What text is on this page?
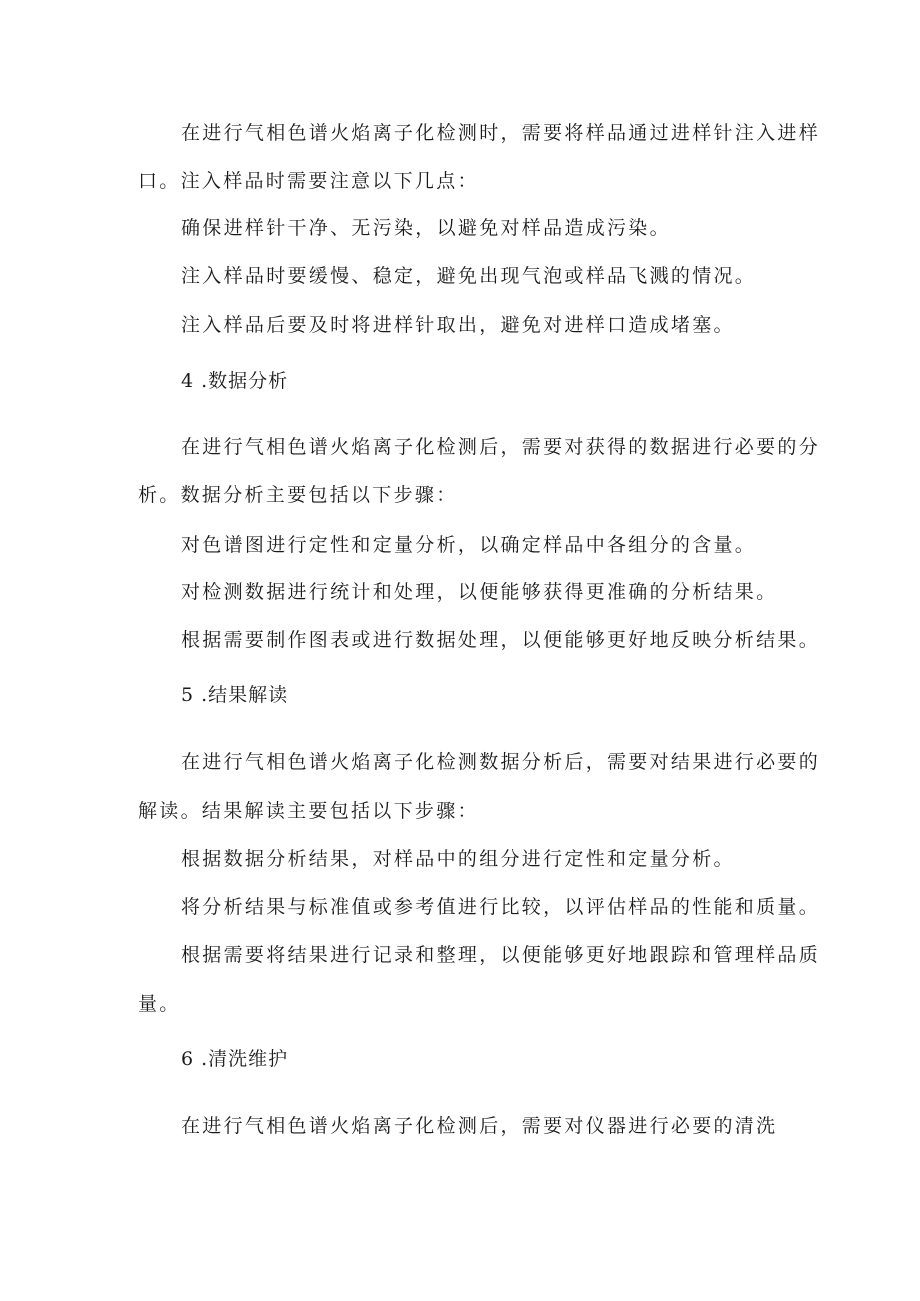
在进行气相色谱火焰离子化检测时，需要将样品通过进样针注入进样
口。注入样品时需要注意以下几点：
确保进样针干净、无污染，以避免对样品造成污染。
注入样品时要缓慢、稳定，避免出现气泡或样品飞溅的情况。
注入样品后要及时将进样针取出，避免对进样口造成堵塞。
4 .数据分析
在进行气相色谱火焰离子化检测后，需要对获得的数据进行必要的分
析。数据分析主要包括以下步骤：
对色谱图进行定性和定量分析，以确定样品中各组分的含量。
对检测数据进行统计和处理，以便能够获得更准确的分析结果。
根据需要制作图表或进行数据处理，以便能够更好地反映分析结果。
5 .结果解读
在进行气相色谱火焰离子化检测数据分析后，需要对结果进行必要的
解读。结果解读主要包括以下步骤：
根据数据分析结果，对样品中的组分进行定性和定量分析。
将分析结果与标准值或参考值进行比较，以评估样品的性能和质量。
根据需要将结果进行记录和整理，以便能够更好地跟踪和管理样品质
量。
6 .清洗维护
在进行气相色谱火焰离子化检测后，需要对仪器进行必要的清洗
